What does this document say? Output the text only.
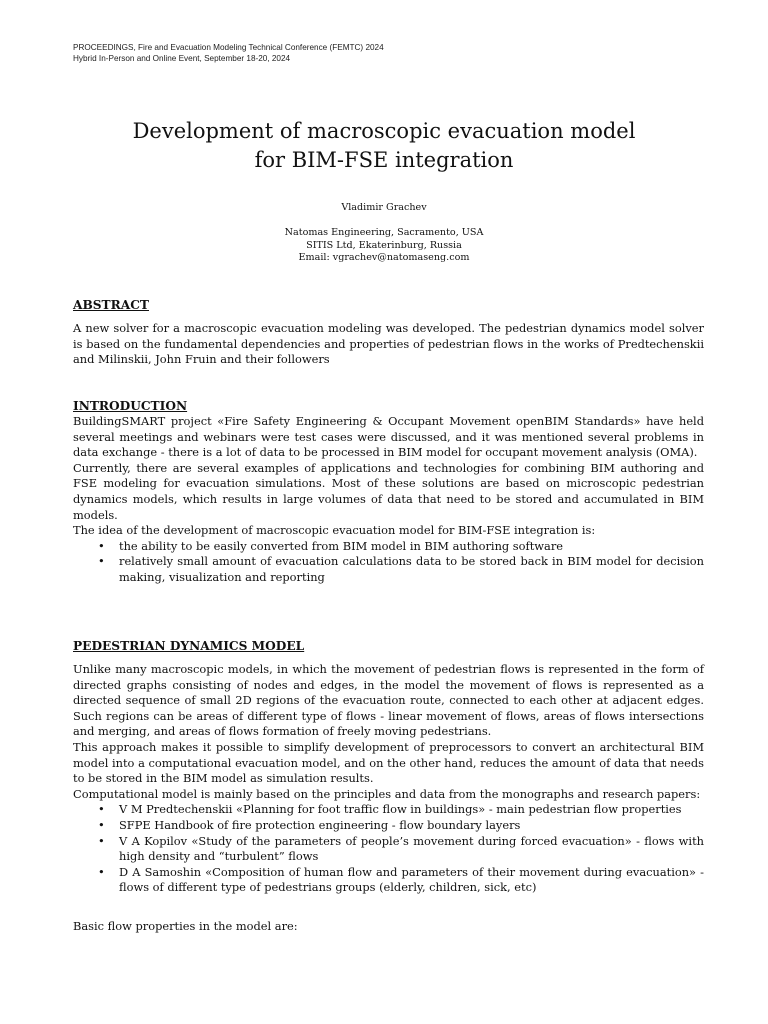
PROCEEDINGS, Fire and Evacuation Modeling Technical Conference (FEMTC) 2024
Hybrid In-Person and Online Event, September 18-20, 2024
Development of macroscopic evacuation model
for BIM-FSE integration
Vladimir Grachev
Natomas Engineering, Sacramento, USA
SITIS Ltd, Ekaterinburg, Russia
Email: vgrachev@natomaseng.com
ABSTRACT

A new solver for a macroscopic evacuation modeling was developed. The pedestrian dynamics model solver is based on the fundamental dependencies and properties of pedestrian flows in the works of Predtechenskii and Milinskii, John Fruin and their followers

INTRODUCTION

BuildingSMART project «Fire Safety Engineering & Occupant Movement openBIM Standards» have held several meetings and webinars were test cases were discussed, and it was mentioned several problems in data exchange - there is a lot of data to be processed in BIM model for occupant movement analysis (OMA).

Currently, there are several examples of applications and technologies for combining BIM authoring and FSE modeling for evacuation simulations. Most of these solutions are based on microscopic pedestrian dynamics models, which results in large volumes of data that need to be stored and accumulated in BIM models.

The idea of the development of macroscopic evacuation model for BIM-FSE integration is:

• the ability to be easily converted from BIM model in BIM authoring software
• relatively small amount of evacuation calculations data to be stored back in BIM model for decision making, visualization and reporting
PEDESTRIAN DYNAMICS MODEL

Unlike many macroscopic models, in which the movement of pedestrian flows is represented in the form of directed graphs consisting of nodes and edges, in the model the movement of flows is represented as a directed sequence of small 2D regions of the evacuation route, connected to each other at adjacent edges. Such regions can be areas of different type of flows - linear movement of flows, areas of flows intersections and merging, and areas of flows formation of freely moving pedestrians.

This approach makes it possible to simplify development of preprocessors to convert an architectural BIM model into a computational evacuation model, and on the other hand, reduces the amount of data that needs to be stored in the BIM model as simulation results.

Computational model is mainly based on the principles and data from the monographs and research papers:

• V M Predtechenskii «Planning for foot traffic flow in buildings» - main pedestrian flow properties
• SFPE Handbook of fire protection engineering - flow boundary layers
• V A Kopilov «Study of the parameters of people’s movement during forced evacuation» - flows with high density and “turbulent” flows
• D A Samoshin «Composition of human flow and parameters of their movement during evacuation» - flows of different type of pedestrians groups (elderly, children, sick, etc)

Basic flow properties in the model are:
